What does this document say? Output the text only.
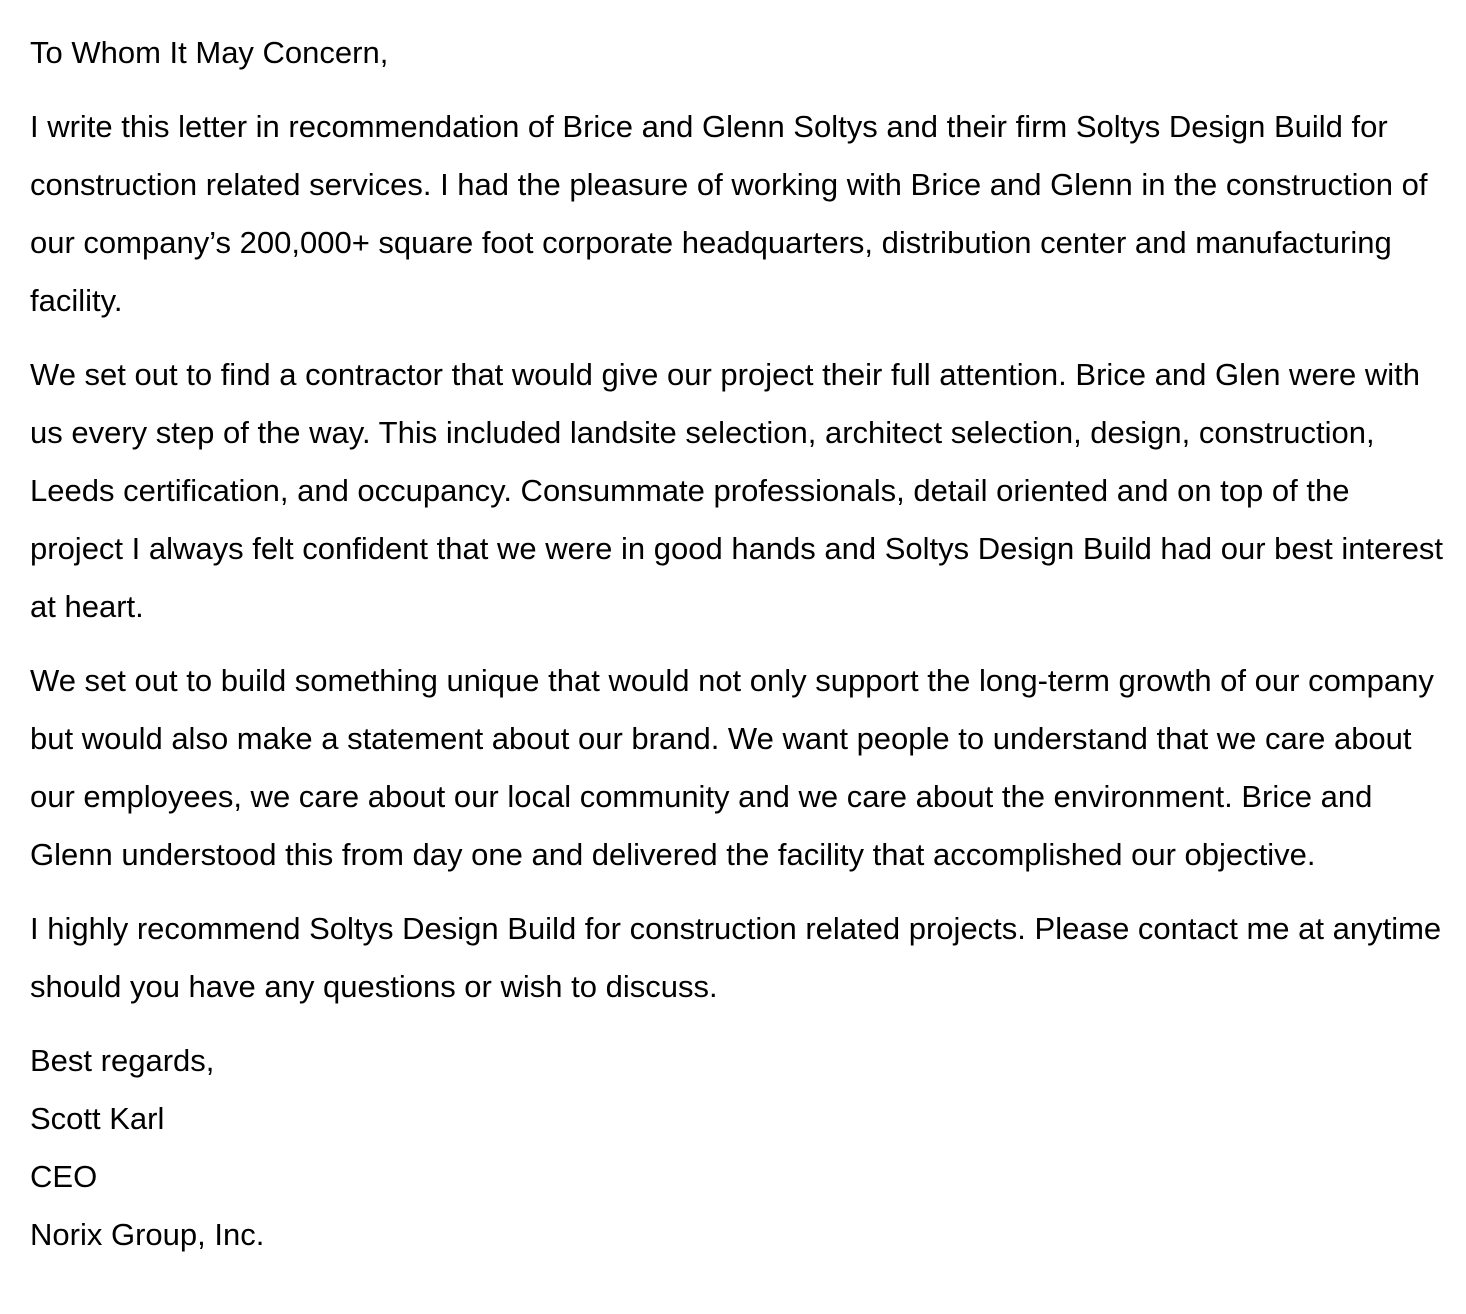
To Whom It May Concern,

I write this letter in recommendation of Brice and Glenn Soltys and their firm Soltys Design Build for construction related services. I had the pleasure of working with Brice and Glenn in the construction of our company’s 200,000+ square foot corporate headquarters, distribution center and manufacturing facility.

We set out to find a contractor that would give our project their full attention. Brice and Glen were with us every step of the way. This included landsite selection, architect selection, design, construction, Leeds certification, and occupancy. Consummate professionals, detail oriented and on top of the project I always felt confident that we were in good hands and Soltys Design Build had our best interest at heart.

We set out to build something unique that would not only support the long-term growth of our company but would also make a statement about our brand. We want people to understand that we care about our employees, we care about our local community and we care about the environment. Brice and Glenn understood this from day one and delivered the facility that accomplished our objective.

I highly recommend Soltys Design Build for construction related projects. Please contact me at anytime should you have any questions or wish to discuss.

Best regards,

Scott Karl

CEO

Norix Group, Inc.
